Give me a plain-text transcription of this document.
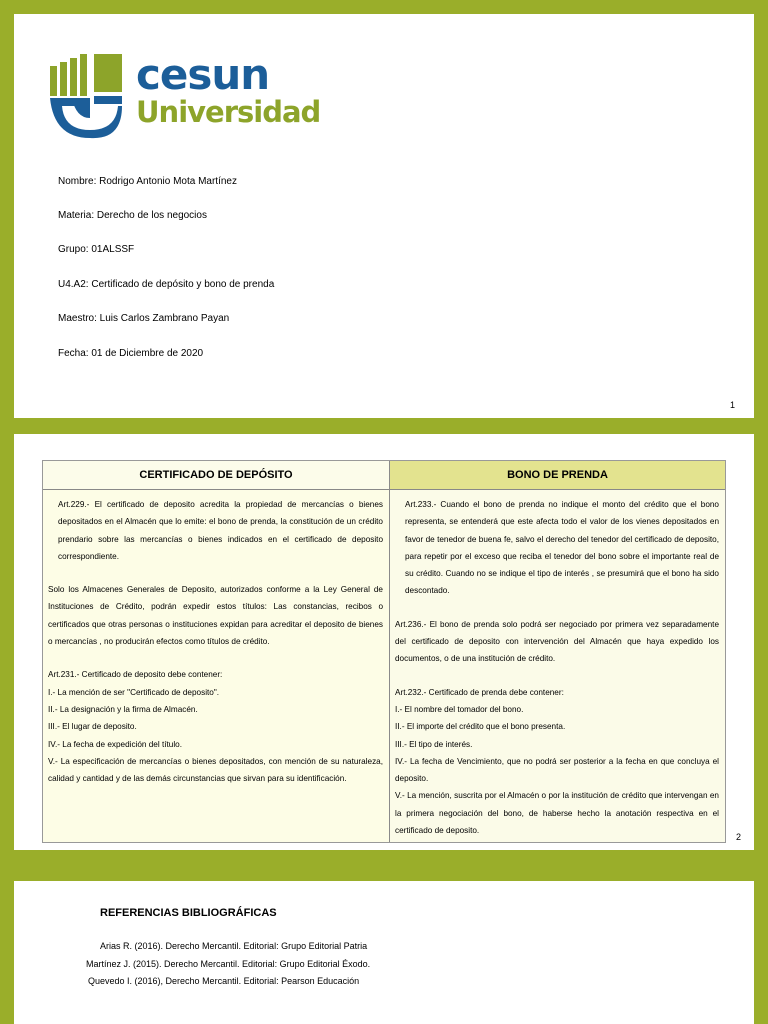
cesun
Universidad
Nombre: Rodrigo Antonio Mota Martínez
Materia: Derecho de los negocios
Grupo: 01ALSSF
U4.A2: Certificado de depósito y bono de prenda
Maestro: Luis Carlos Zambrano Payan
Fecha: 01 de Diciembre de 2020
1
CERTIFICADO DE DEPÓSITO

Art.229.- El certificado de deposito acredita la propiedad de mercancías o bienes depositados en el Almacén que lo emite: el bono de prenda, la constitución de un crédito prendario sobre las mercancías o bienes indicados en el certificado de deposito correspondiente.

Solo los Almacenes Generales de Deposito, autorizados conforme a la Ley General de Instituciones de Crédito, podrán expedir estos títulos: Las constancias, recibos o certificados que otras personas o instituciones expidan para acreditar el deposito de bienes o mercancías , no producirán efectos como títulos de crédito.

Art.231.- Certificado de deposito debe contener:

I.- La mención de ser "Certificado de deposito".

II.- La designación y la firma de Almacén.

III.- El lugar de deposito.

IV.- La fecha de expedición del título.

V.- La especificación de mercancías o bienes depositados, con mención de su naturaleza, calidad y cantidad y de las demás circunstancias que sirvan para su identificación.

BONO DE PRENDA

Art.233.- Cuando el bono de prenda no indique el monto del crédito que el bono representa, se entenderá que este afecta todo el valor de los vienes depositados en favor de tenedor de buena fe, salvo el derecho del tenedor del certificado de deposito, para repetir por el exceso que reciba el tenedor del bono sobre el importante real de su crédito. Cuando no se indique el tipo de interés , se presumirá que el bono ha sido descontado.

Art.236.- El bono de prenda solo podrá ser negociado por primera vez separadamente del certificado de deposito con intervención del Almacén que haya expedido los documentos, o de una institución de crédito.

Art.232.- Certificado de prenda debe contener:

I.- El nombre del tomador del bono.

II.- El importe del crédito que el bono presenta.

III.- El tipo de interés.

IV.- La fecha de Vencimiento, que no podrá ser posterior a la fecha en que concluya el deposito.

V.- La mención, suscrita por el Almacén o por la institución de crédito que intervengan en la primera negociación del bono, de haberse hecho la anotación respectiva en el certificado de deposito.

2
REFERENCIAS BIBLIOGRÁFICAS
Arias R. (2016). Derecho Mercantil. Editorial: Grupo Editorial Patria
Martínez J. (2015). Derecho Mercantil. Editorial: Grupo Editorial Éxodo.
Quevedo I. (2016), Derecho Mercantil. Editorial: Pearson Educación
